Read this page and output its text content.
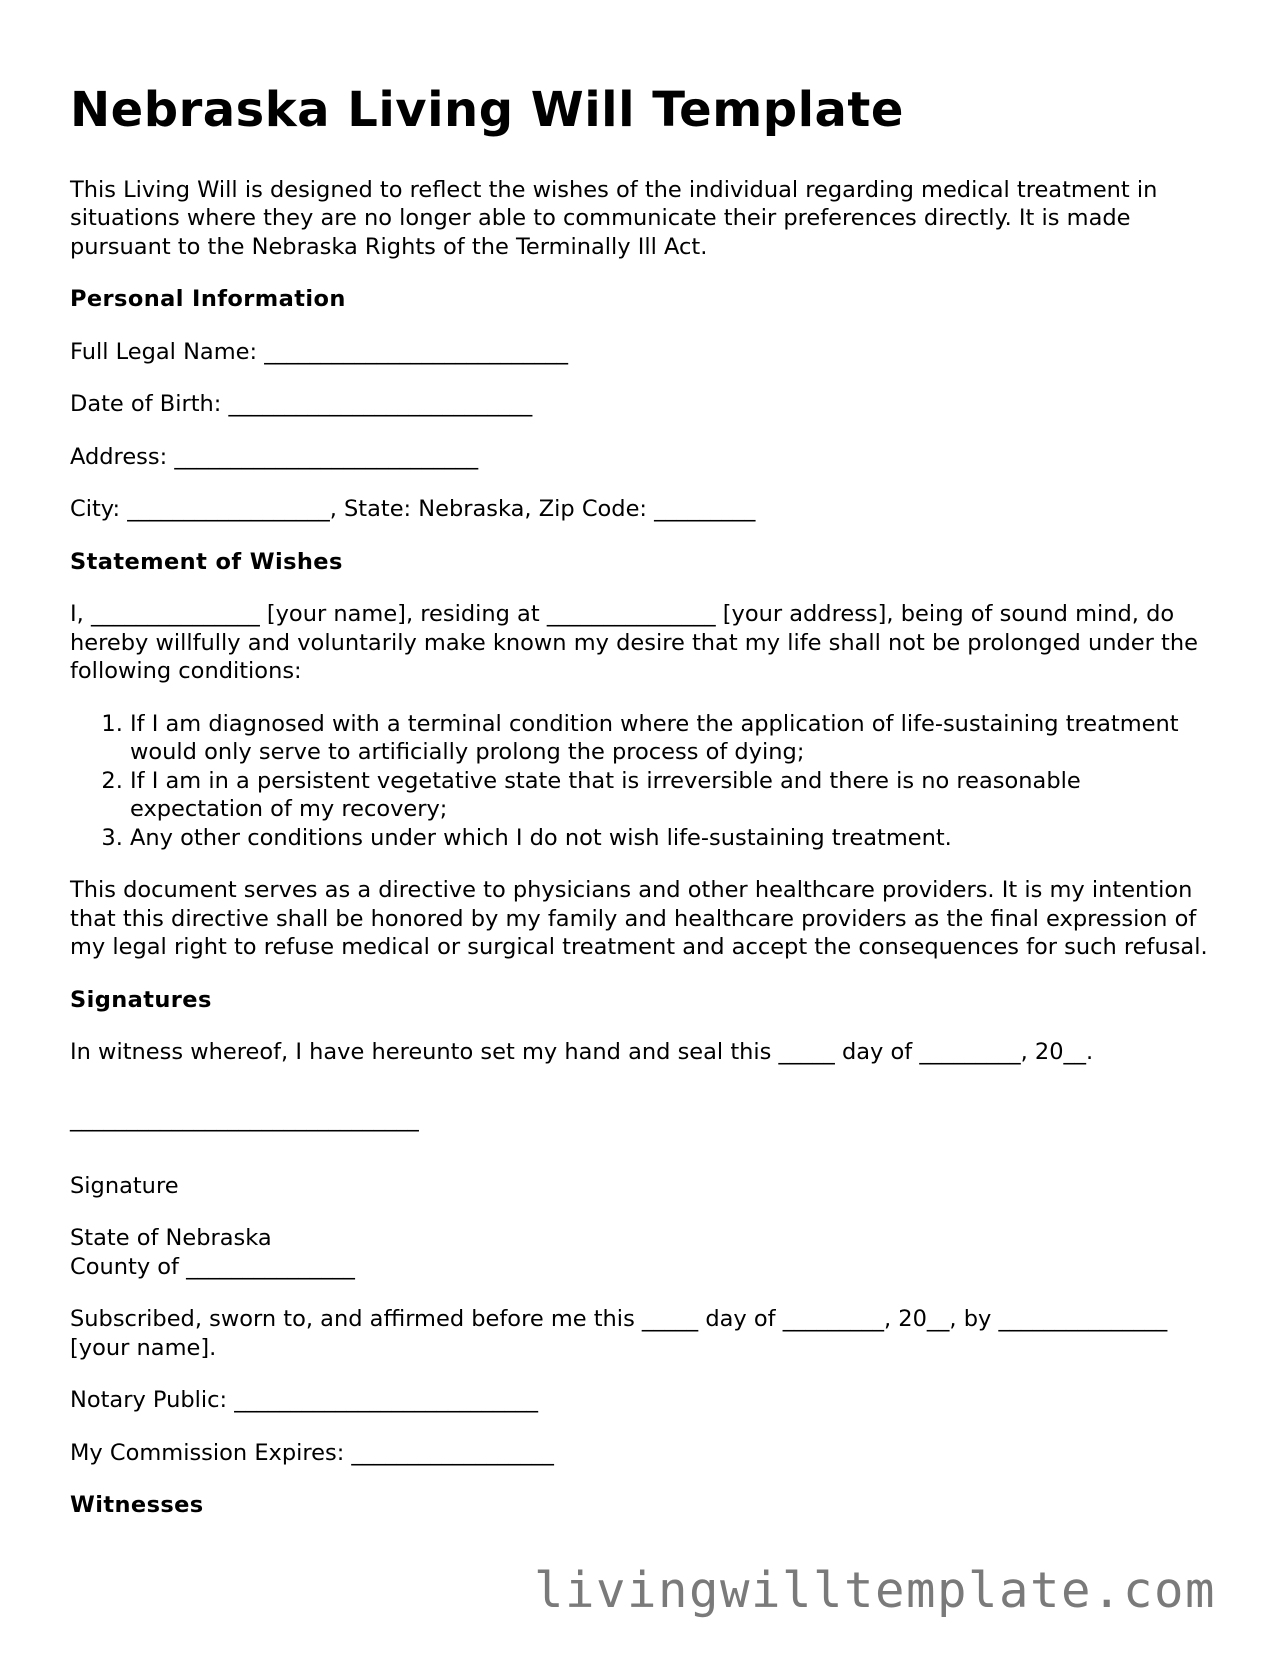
Nebraska Living Will Template

This Living Will is designed to reflect the wishes of the individual regarding medical treatment in situations where they are no longer able to communicate their preferences directly. It is made pursuant to the Nebraska Rights of the Terminally Ill Act.

Personal Information

Full Legal Name: ___________________________

Date of Birth: ___________________________

Address: ___________________________

City: __________________, State: Nebraska, Zip Code: _________

Statement of Wishes

I, _______________ [your name], residing at _______________ [your address], being of sound mind, do hereby willfully and voluntarily make known my desire that my life shall not be prolonged under the following conditions:

1. If I am diagnosed with a terminal condition where the application of life-sustaining treatment would only serve to artificially prolong the process of dying;
2. If I am in a persistent vegetative state that is irreversible and there is no reasonable expectation of my recovery;
3. Any other conditions under which I do not wish life-sustaining treatment.

This document serves as a directive to physicians and other healthcare providers. It is my intention that this directive shall be honored by my family and healthcare providers as the final expression of my legal right to refuse medical or surgical treatment and accept the consequences for such refusal.

Signatures

In witness whereof, I have hereunto set my hand and seal this _____ day of _________, 20__.

_______________________________

Signature

State of Nebraska
County of _______________

Subscribed, sworn to, and affirmed before me this _____ day of _________, 20__, by _______________ [your name].

Notary Public: ___________________________

My Commission Expires: __________________

Witnesses
livingwilltemplate.com
